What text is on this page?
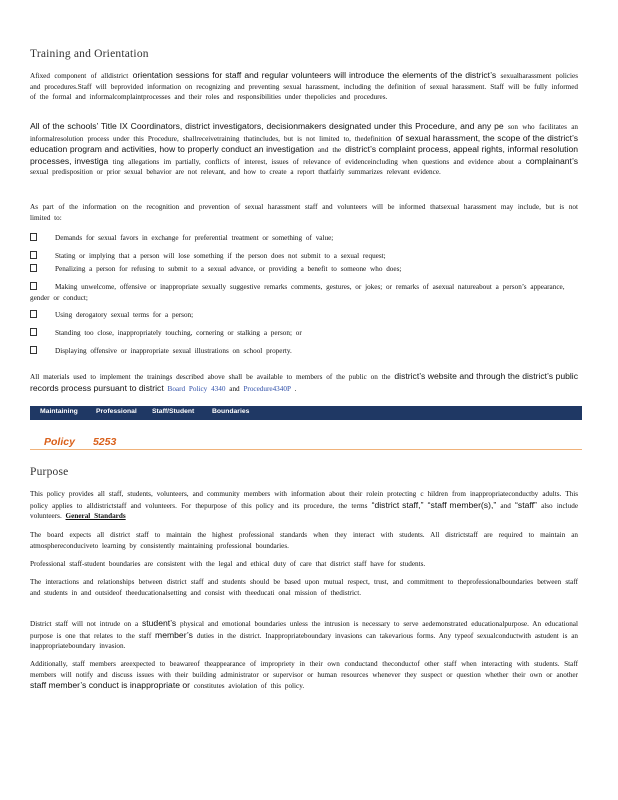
Training and Orientation
Afixed component of alldistrict orientation sessions for staff and regular volunteers will introduce the elements of the district’s sexualharassment policies and procedures.Staff will beprovided information on recognizing and preventing sexual harassment, including the definition of sexual harassment. Staff will be fully informed of the formal and informalcomplaintprocesses and their roles and responsibilities under thepolicies and procedures.
All of the schools’ Title IX Coordinators, district investigators, decisionmakers designated under this Procedure, and any pe son who facilitates an informalresolution process under this Procedure, shallreceivetraining thatincludes, but is not limited to, thedefinition of sexual harassment, the scope of the district’s education program and activities, how to properly conduct an investigation and the district’s complaint process, appeal rights, informal resolution processes, investiga ting allegations im partially, conflicts of interest, issues of relevance of evidenceincluding when questions and evidence about a complainant’s sexual predisposition or prior sexual behavior are not relevant, and how to create a report thatfairly summarizes relevant evidence.
As part of the information on the recognition and prevention of sexual harassment staff and volunteers will be informed thatsexual harassment may include, but is not limited to:
Demands for sexual favors in exchange for preferential treatment or something of value;
Stating or implying that a person will lose something if the person does not submit to a sexual request;
Penalizing a person for refusing to submit to a sexual advance, or providing a benefit to someone who does;
Making unwelcome, offensive or inappropriate sexually suggestive remarks comments, gestures, or jokes; or remarks of asexual natureabout a person’s appearance, gender or conduct;
Using derogatory sexual terms for a person;
Standing too close, inappropriately touching, cornering or stalking a person; or
Displaying offensive or inappropriate sexual illustrations on school property.
All materials used to implement the trainings described above shall be available to members of the public on the district’s website and through the district’s public records process pursuant to district Board Policy 4340 and Procedure4340P .
Maintaining	Professional Staff/Student	Boundaries
Policy 5253
Purpose
This policy provides all staff, students, volunteers, and community members with information about their rolein protecting c hildren from inappropriateconductby adults. This policy applies to alldistrictstaff and volunteers. For thepurpose of this policy and its procedure, the terms “district staff,” “staff member(s),” and “staff” also include volunteers. General Standards
The board expects all district staff to maintain the highest professional standards when they interact with students. All districtstaff are required to maintain an atmosphereconduciveto learning by consistently maintaining professional boundaries.
Professional staff-student boundaries are consistent with the legal and ethical duty of care that district staff have for students.
The interactions and relationships between district staff and students should be based upon mutual respect, trust, and commitment to theprofessionalboundaries between staff and students in and outsideof theeducationalsetting and consist with theeducati onal mission of thedistrict.
District staff will not intrude on a student’s physical and emotional boundaries unless the intrusion is necessary to serve aedemonstrated educationalpurpose. An educational purpose is one that relates to the staff member’s duties in the district. Inappropriateboundary invasions can takevarious forms. Any typeof sexualconductwith astudent is an inappropriateboundary invasion.
Additionally, staff members areexpected to beawareof theappearance of impropriety in their own conductand theconductof other staff when interacting with students. Staff members will notify and discuss issues with their building administrator or supervisor or human resources whenever they suspect or question whether their own or another staff member’s conduct is inappropriate or constitutes aviolation of this policy.
